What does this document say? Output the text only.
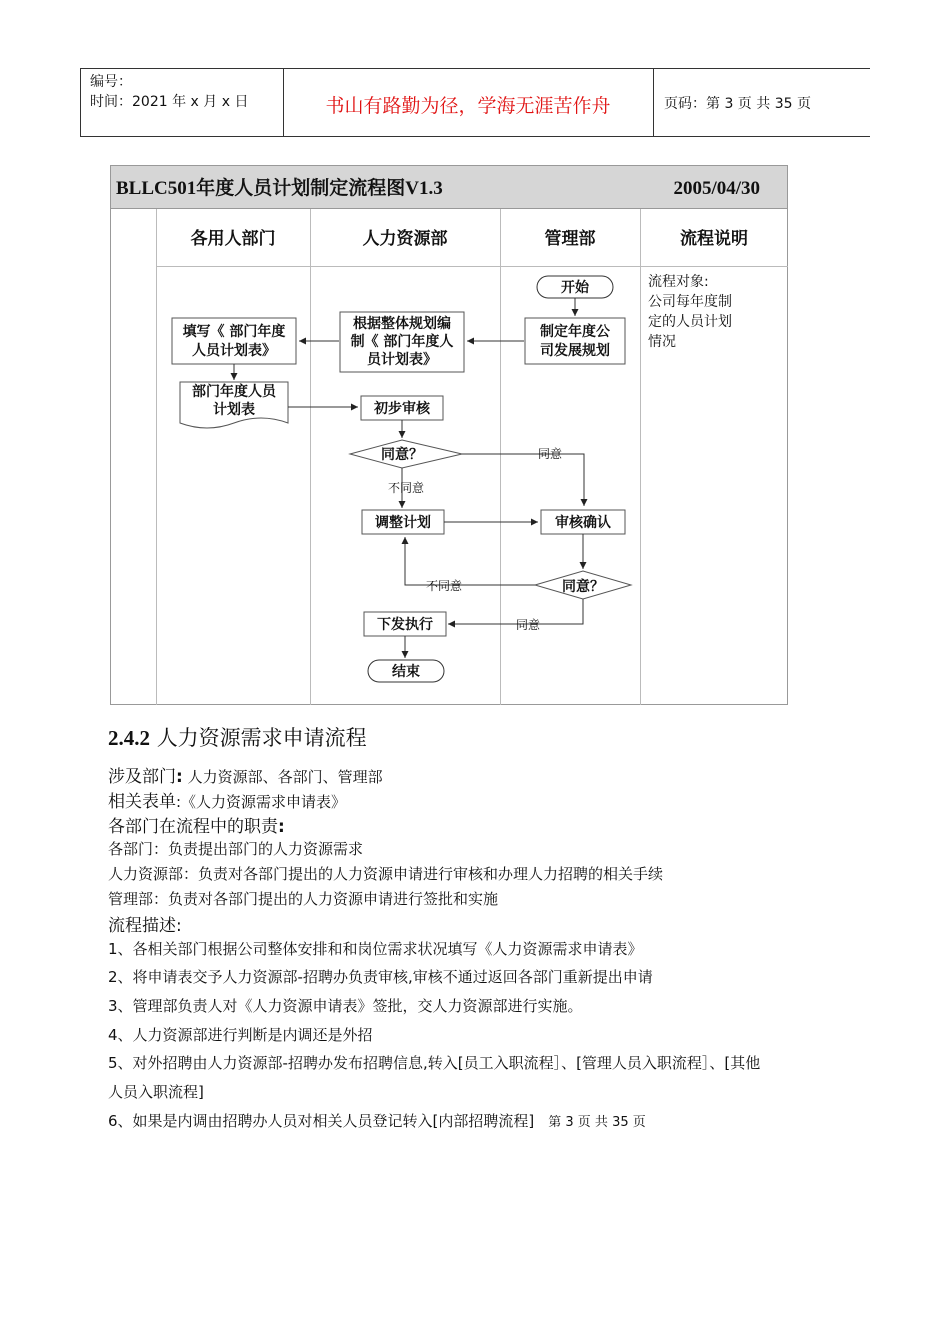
编号：
时间：2021 年 x 月 x 日	书山有路勤为径，学海无涯苦作舟	页码：第 3 页 共 35 页
BLLC501年度人员计划制定流程图V1.3	2005/04/30
各用人部门	人力资源部	管理部	流程说明
开始
制定年度公
司发展规划
根据整体规划编
制《 部门年度人
员计划表》
填写《 部门年度
人员计划表》
部门年度人员
计划表	初步审核
同意？	同意
不同意
调整计划	审核确认
同意？
不同意
同意
下发执行
结束
流程对象:
公司每年度制
定的人员计划
情况
2.4.2 人力资源需求申请流程
涉及部门: 人力资源部、各部门、管理部
相关表单:《人力资源需求申请表》
各部门在流程中的职责:
各部门：负责提出部门的人力资源需求
人力资源部：负责对各部门提出的人力资源申请进行审核和办理人力招聘的相关手续
管理部：负责对各部门提出的人力资源申请进行签批和实施
流程描述:
1、各相关部门根据公司整体安排和和岗位需求状况填写《人力资源需求申请表》
2、将申请表交予人力资源部-招聘办负责审核,审核不通过返回各部门重新提出申请
3、管理部负责人对《人力资源申请表》签批，交人力资源部进行实施。
4、人力资源部进行判断是内调还是外招
5、对外招聘由人力资源部-招聘办发布招聘信息,转入[员工入职流程］、[管理人员入职流程］、[其他
人员入职流程]
6、如果是内调由招聘办人员对相关人员登记转入[内部招聘流程] 第 3 页 共 35 页
